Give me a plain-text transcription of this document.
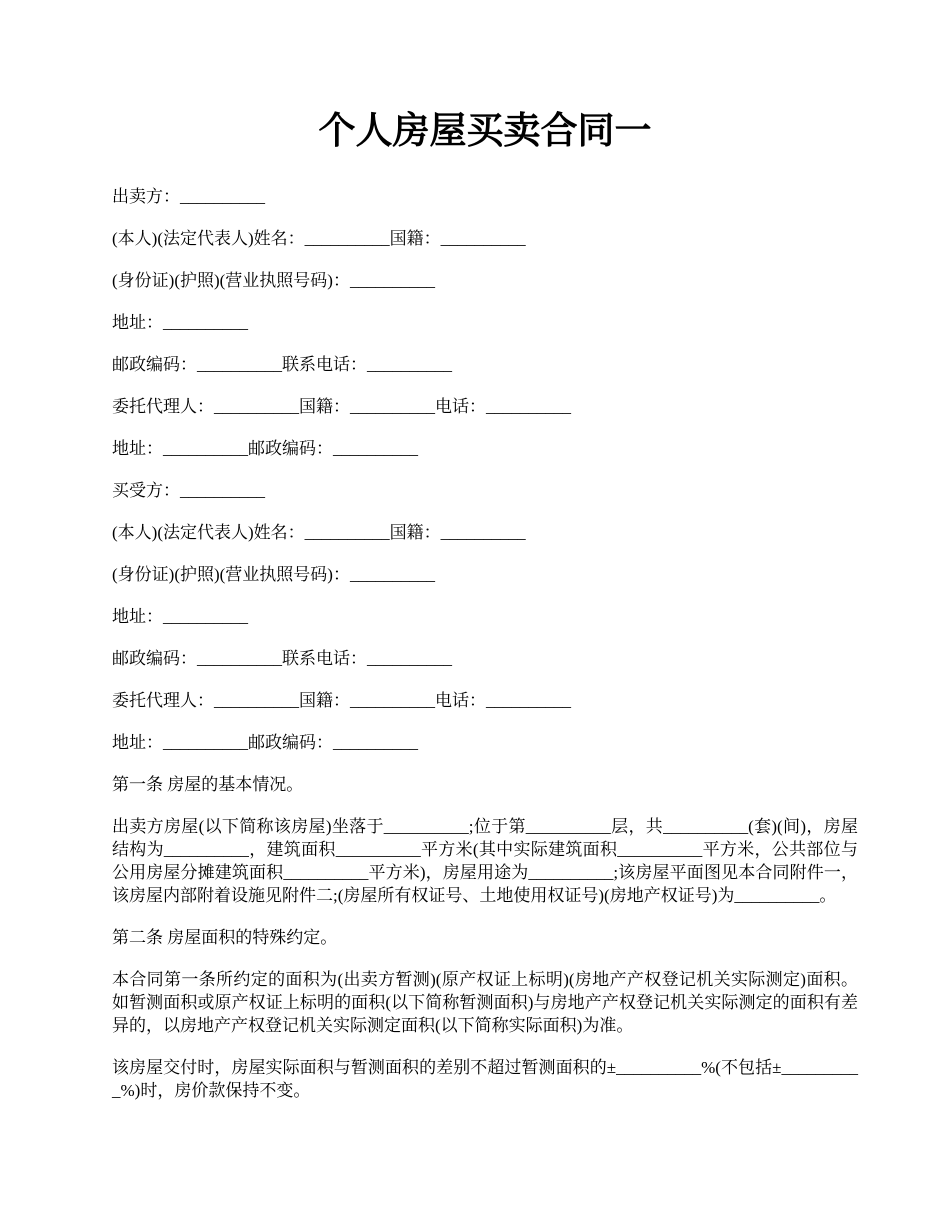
个人房屋买卖合同一

出卖方：__________

(本人)(法定代表人)姓名：__________国籍：__________

(身份证)(护照)(营业执照号码)：__________

地址：__________

邮政编码：__________联系电话：__________

委托代理人：__________国籍：__________电话：__________

地址：__________邮政编码：__________

买受方：__________

(本人)(法定代表人)姓名：__________国籍：__________

(身份证)(护照)(营业执照号码)：__________

地址：__________

邮政编码：__________联系电话：__________

委托代理人：__________国籍：__________电话：__________

地址：__________邮政编码：__________

第一条 房屋的基本情况。

出卖方房屋(以下简称该房屋)坐落于__________;位于第__________层，共__________(套)(间)，房屋结构为__________，建筑面积__________平方米(其中实际建筑面积__________平方米，公共部位与公用房屋分摊建筑面积__________平方米)，房屋用途为__________;该房屋平面图见本合同附件一，该房屋内部附着设施见附件二;(房屋所有权证号、土地使用权证号)(房地产权证号)为__________。

第二条 房屋面积的特殊约定。

本合同第一条所约定的面积为(出卖方暂测)(原产权证上标明)(房地产产权登记机关实际测定)面积。如暂测面积或原产权证上标明的面积(以下简称暂测面积)与房地产产权登记机关实际测定的面积有差异的，以房地产产权登记机关实际测定面积(以下简称实际面积)为准。

该房屋交付时，房屋实际面积与暂测面积的差别不超过暂测面积的±__________%(不包括±__________%)时，房价款保持不变。
